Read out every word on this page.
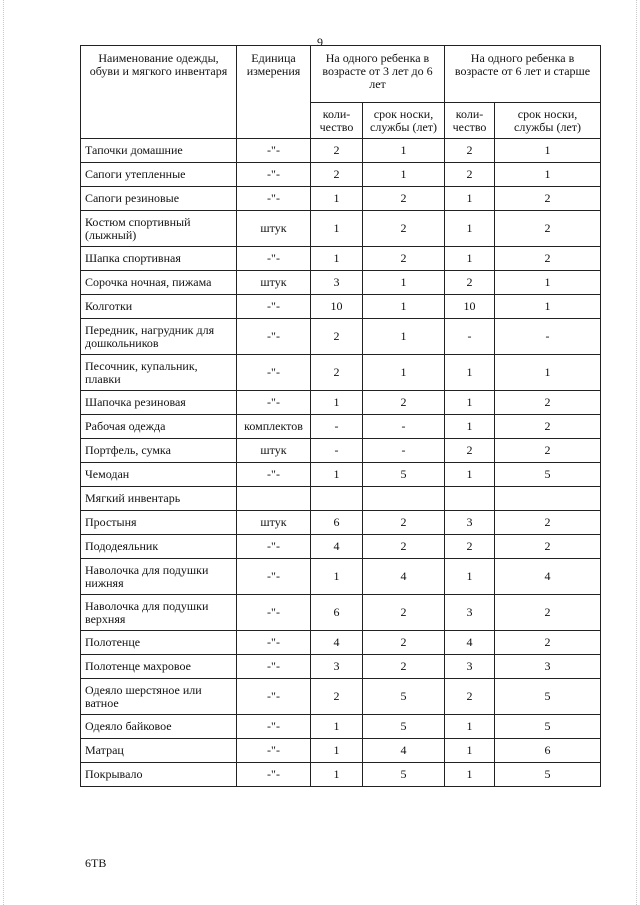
9
Наименование одежды, обуви и мягкого инвентаря	Единица измерения	На одного ребенка в возрасте от 3 лет до 6 лет		На одного ребенка в возрасте от 6 лет и старше	
		коли-чество	срок носки, службы (лет)	коли-чество	срок носки, службы (лет)
Тапочки домашние	-"-	2	1	2	1
Сапоги утепленные	-"-	2	1	2	1
Сапоги резиновые	-"-	1	2	1	2
Костюм спортивный (лыжный)	штук	1	2	1	2
Шапка спортивная	-"-	1	2	1	2
Сорочка ночная, пижама	штук	3	1	2	1
Колготки	-"-	10	1	10	1
Передник, нагрудник для дошкольников	-"-	2	1	-	-
Песочник, купальник, плавки	-"-	2	1	1	1
Шапочка резиновая	-"-	1	2	1	2
Рабочая одежда	комплектов	-	-	1	2
Портфель, сумка	штук	-	-	2	2
Чемодан	-"-	1	5	1	5
Мягкий инвентарь					
Простыня	штук	6	2	3	2
Пододеяльник	-"-	4	2	2	2
Наволочка для подушки нижняя	-"-	1	4	1	4
Наволочка для подушки верхняя	-"-	6	2	3	2
Полотенце	-"-	4	2	4	2
Полотенце махровое	-"-	3	2	3	3
Одеяло шерстяное или ватное	-"-	2	5	2	5
Одеяло байковое	-"-	1	5	1	5
Матрац	-"-	1	4	1	6
Покрывало	-"-	1	5	1	5
6ТВ
